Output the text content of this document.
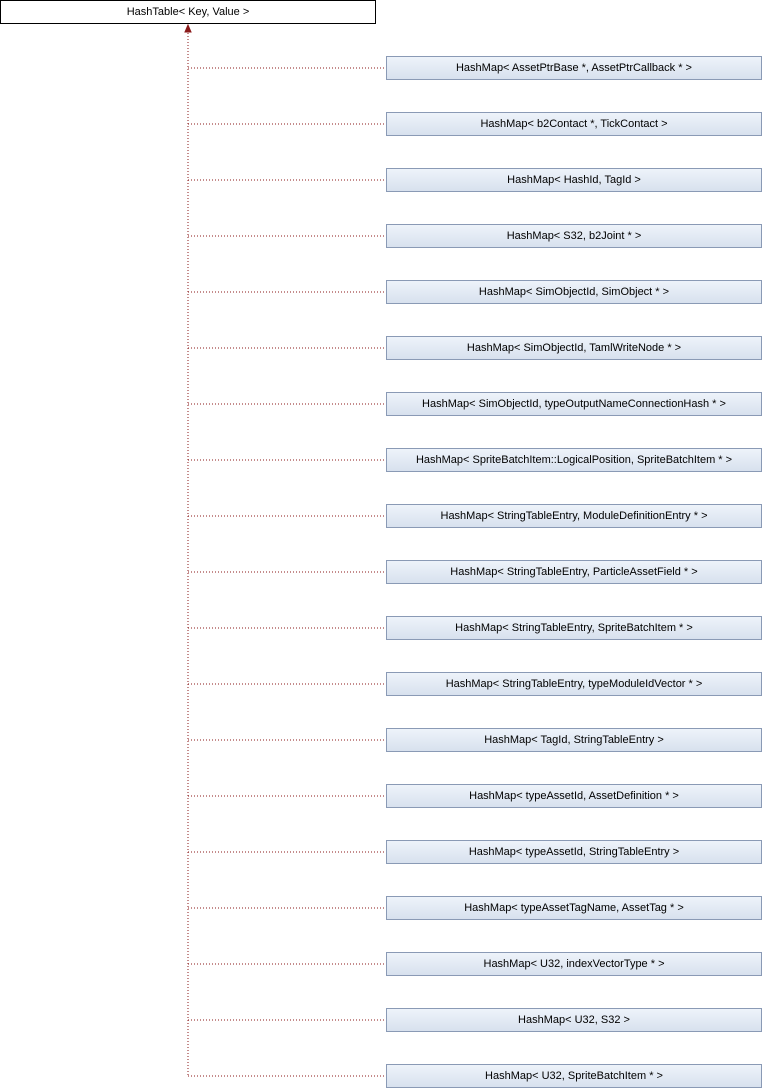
HashTable< Key, Value >
HashMap< AssetPtrBase *, AssetPtrCallback * >
HashMap< b2Contact *, TickContact >
HashMap< HashId, TagId >
HashMap< S32, b2Joint * >
HashMap< SimObjectId, SimObject * >
HashMap< SimObjectId, TamlWriteNode * >
HashMap< SimObjectId, typeOutputNameConnectionHash * >
HashMap< SpriteBatchItem::LogicalPosition, SpriteBatchItem * >
HashMap< StringTableEntry, ModuleDefinitionEntry * >
HashMap< StringTableEntry, ParticleAssetField * >
HashMap< StringTableEntry, SpriteBatchItem * >
HashMap< StringTableEntry, typeModuleIdVector * >
HashMap< TagId, StringTableEntry >
HashMap< typeAssetId, AssetDefinition * >
HashMap< typeAssetId, StringTableEntry >
HashMap< typeAssetTagName, AssetTag * >
HashMap< U32, indexVectorType * >
HashMap< U32, S32 >
HashMap< U32, SpriteBatchItem * >
